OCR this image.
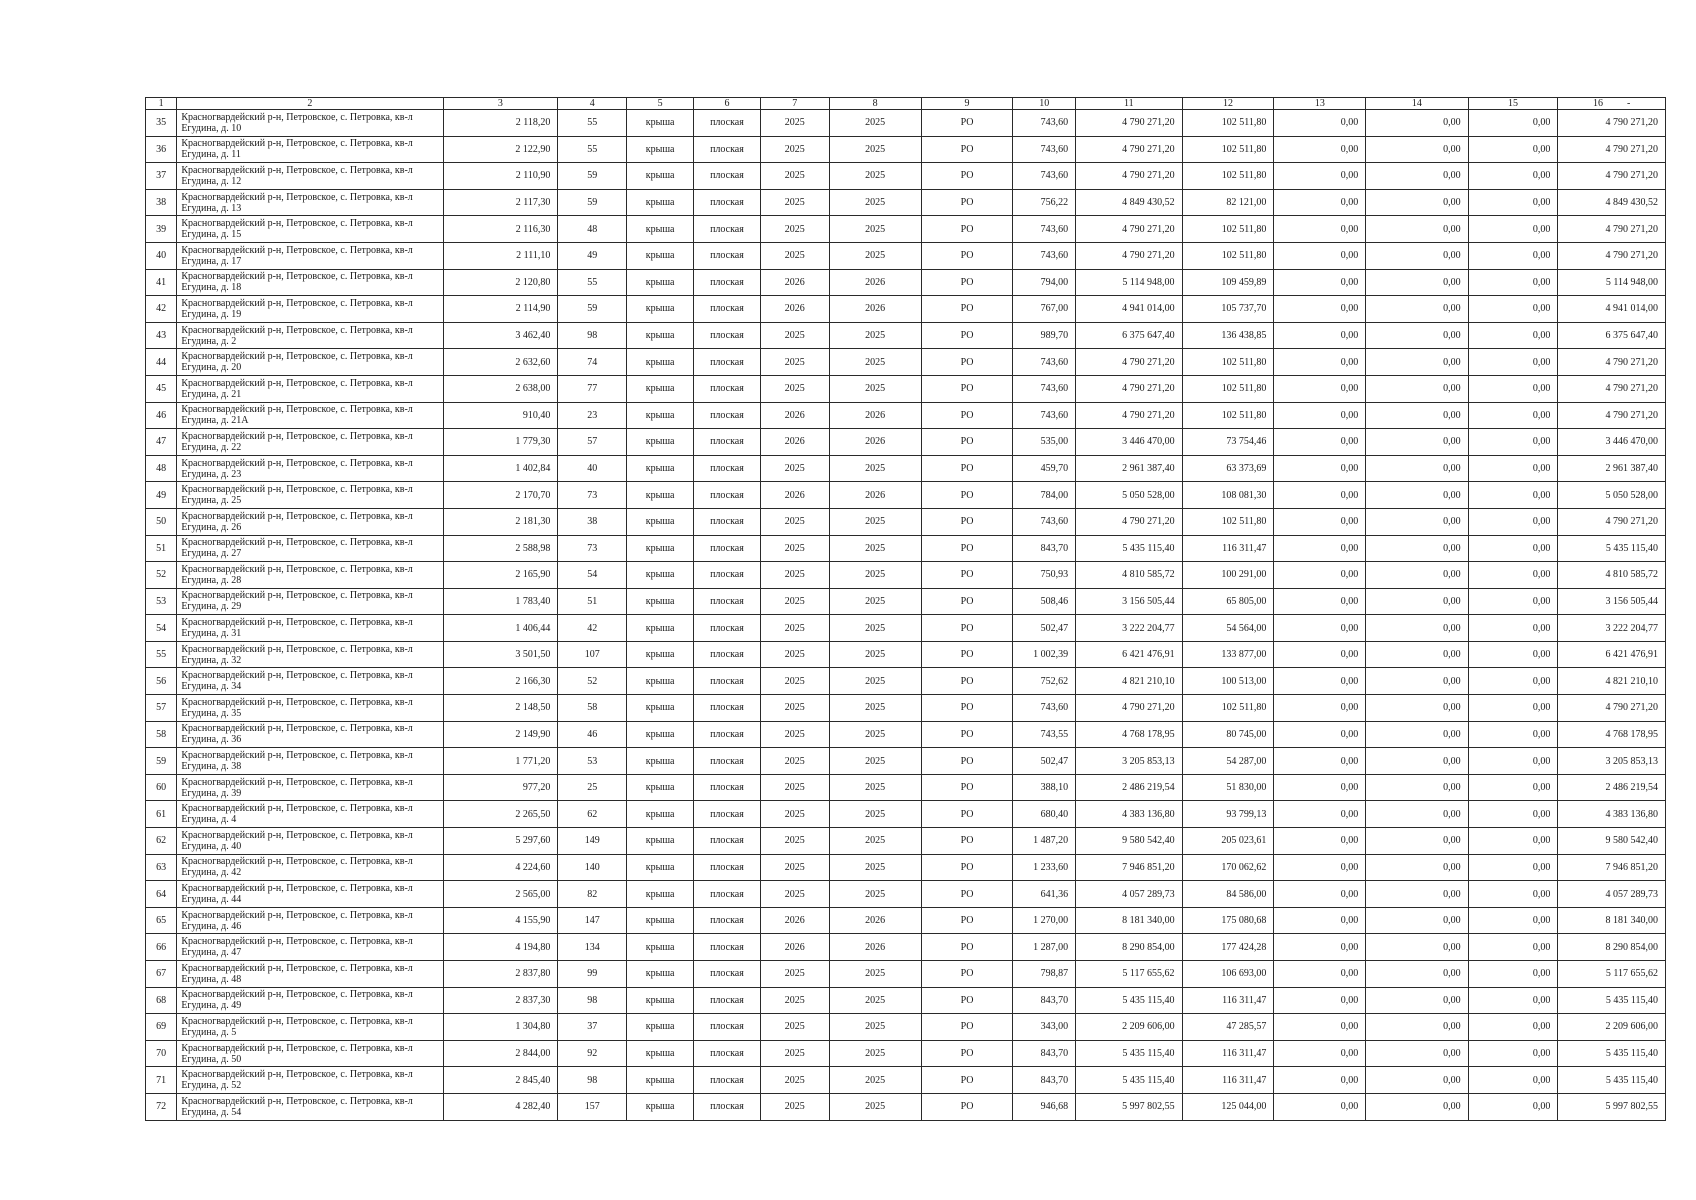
1	2	3	4	5	6	7	8	9	10	11	12	13	14	15	16 -
35	Красногвардейский р-н, Петровское, с. Петровка, кв-л Егудина, д. 10	2 118,20	55	крыша	плоская	2025	2025	РО	743,60	4 790 271,20	102 511,80	0,00	0,00	0,00	4 790 271,20
36	Красногвардейский р-н, Петровское, с. Петровка, кв-л Егудина, д. 11	2 122,90	55	крыша	плоская	2025	2025	РО	743,60	4 790 271,20	102 511,80	0,00	0,00	0,00	4 790 271,20
37	Красногвардейский р-н, Петровское, с. Петровка, кв-л Егудина, д. 12	2 110,90	59	крыша	плоская	2025	2025	РО	743,60	4 790 271,20	102 511,80	0,00	0,00	0,00	4 790 271,20
38	Красногвардейский р-н, Петровское, с. Петровка, кв-л Егудина, д. 13	2 117,30	59	крыша	плоская	2025	2025	РО	756,22	4 849 430,52	82 121,00	0,00	0,00	0,00	4 849 430,52
39	Красногвардейский р-н, Петровское, с. Петровка, кв-л Егудина, д. 15	2 116,30	48	крыша	плоская	2025	2025	РО	743,60	4 790 271,20	102 511,80	0,00	0,00	0,00	4 790 271,20
40	Красногвардейский р-н, Петровское, с. Петровка, кв-л Егудина, д. 17	2 111,10	49	крыша	плоская	2025	2025	РО	743,60	4 790 271,20	102 511,80	0,00	0,00	0,00	4 790 271,20
41	Красногвардейский р-н, Петровское, с. Петровка, кв-л Егудина, д. 18	2 120,80	55	крыша	плоская	2026	2026	РО	794,00	5 114 948,00	109 459,89	0,00	0,00	0,00	5 114 948,00
42	Красногвардейский р-н, Петровское, с. Петровка, кв-л Егудина, д. 19	2 114,90	59	крыша	плоская	2026	2026	РО	767,00	4 941 014,00	105 737,70	0,00	0,00	0,00	4 941 014,00
43	Красногвардейский р-н, Петровское, с. Петровка, кв-л Егудина, д. 2	3 462,40	98	крыша	плоская	2025	2025	РО	989,70	6 375 647,40	136 438,85	0,00	0,00	0,00	6 375 647,40
44	Красногвардейский р-н, Петровское, с. Петровка, кв-л Егудина, д. 20	2 632,60	74	крыша	плоская	2025	2025	РО	743,60	4 790 271,20	102 511,80	0,00	0,00	0,00	4 790 271,20
45	Красногвардейский р-н, Петровское, с. Петровка, кв-л Егудина, д. 21	2 638,00	77	крыша	плоская	2025	2025	РО	743,60	4 790 271,20	102 511,80	0,00	0,00	0,00	4 790 271,20
46	Красногвардейский р-н, Петровское, с. Петровка, кв-л Егудина, д. 21А	910,40	23	крыша	плоская	2026	2026	РО	743,60	4 790 271,20	102 511,80	0,00	0,00	0,00	4 790 271,20
47	Красногвардейский р-н, Петровское, с. Петровка, кв-л Егудина, д. 22	1 779,30	57	крыша	плоская	2026	2026	РО	535,00	3 446 470,00	73 754,46	0,00	0,00	0,00	3 446 470,00
48	Красногвардейский р-н, Петровское, с. Петровка, кв-л Егудина, д. 23	1 402,84	40	крыша	плоская	2025	2025	РО	459,70	2 961 387,40	63 373,69	0,00	0,00	0,00	2 961 387,40
49	Красногвардейский р-н, Петровское, с. Петровка, кв-л Егудина, д. 25	2 170,70	73	крыша	плоская	2026	2026	РО	784,00	5 050 528,00	108 081,30	0,00	0,00	0,00	5 050 528,00
50	Красногвардейский р-н, Петровское, с. Петровка, кв-л Егудина, д. 26	2 181,30	38	крыша	плоская	2025	2025	РО	743,60	4 790 271,20	102 511,80	0,00	0,00	0,00	4 790 271,20
51	Красногвардейский р-н, Петровское, с. Петровка, кв-л Егудина, д. 27	2 588,98	73	крыша	плоская	2025	2025	РО	843,70	5 435 115,40	116 311,47	0,00	0,00	0,00	5 435 115,40
52	Красногвардейский р-н, Петровское, с. Петровка, кв-л Егудина, д. 28	2 165,90	54	крыша	плоская	2025	2025	РО	750,93	4 810 585,72	100 291,00	0,00	0,00	0,00	4 810 585,72
53	Красногвардейский р-н, Петровское, с. Петровка, кв-л Егудина, д. 29	1 783,40	51	крыша	плоская	2025	2025	РО	508,46	3 156 505,44	65 805,00	0,00	0,00	0,00	3 156 505,44
54	Красногвардейский р-н, Петровское, с. Петровка, кв-л Егудина, д. 31	1 406,44	42	крыша	плоская	2025	2025	РО	502,47	3 222 204,77	54 564,00	0,00	0,00	0,00	3 222 204,77
55	Красногвардейский р-н, Петровское, с. Петровка, кв-л Егудина, д. 32	3 501,50	107	крыша	плоская	2025	2025	РО	1 002,39	6 421 476,91	133 877,00	0,00	0,00	0,00	6 421 476,91
56	Красногвардейский р-н, Петровское, с. Петровка, кв-л Егудина, д. 34	2 166,30	52	крыша	плоская	2025	2025	РО	752,62	4 821 210,10	100 513,00	0,00	0,00	0,00	4 821 210,10
57	Красногвардейский р-н, Петровское, с. Петровка, кв-л Егудина, д. 35	2 148,50	58	крыша	плоская	2025	2025	РО	743,60	4 790 271,20	102 511,80	0,00	0,00	0,00	4 790 271,20
58	Красногвардейский р-н, Петровское, с. Петровка, кв-л Егудина, д. 36	2 149,90	46	крыша	плоская	2025	2025	РО	743,55	4 768 178,95	80 745,00	0,00	0,00	0,00	4 768 178,95
59	Красногвардейский р-н, Петровское, с. Петровка, кв-л Егудина, д. 38	1 771,20	53	крыша	плоская	2025	2025	РО	502,47	3 205 853,13	54 287,00	0,00	0,00	0,00	3 205 853,13
60	Красногвардейский р-н, Петровское, с. Петровка, кв-л Егудина, д. 39	977,20	25	крыша	плоская	2025	2025	РО	388,10	2 486 219,54	51 830,00	0,00	0,00	0,00	2 486 219,54
61	Красногвардейский р-н, Петровское, с. Петровка, кв-л Егудина, д. 4	2 265,50	62	крыша	плоская	2025	2025	РО	680,40	4 383 136,80	93 799,13	0,00	0,00	0,00	4 383 136,80
62	Красногвардейский р-н, Петровское, с. Петровка, кв-л Егудина, д. 40	5 297,60	149	крыша	плоская	2025	2025	РО	1 487,20	9 580 542,40	205 023,61	0,00	0,00	0,00	9 580 542,40
63	Красногвардейский р-н, Петровское, с. Петровка, кв-л Егудина, д. 42	4 224,60	140	крыша	плоская	2025	2025	РО	1 233,60	7 946 851,20	170 062,62	0,00	0,00	0,00	7 946 851,20
64	Красногвардейский р-н, Петровское, с. Петровка, кв-л Егудина, д. 44	2 565,00	82	крыша	плоская	2025	2025	РО	641,36	4 057 289,73	84 586,00	0,00	0,00	0,00	4 057 289,73
65	Красногвардейский р-н, Петровское, с. Петровка, кв-л Егудина, д. 46	4 155,90	147	крыша	плоская	2026	2026	РО	1 270,00	8 181 340,00	175 080,68	0,00	0,00	0,00	8 181 340,00
66	Красногвардейский р-н, Петровское, с. Петровка, кв-л Егудина, д. 47	4 194,80	134	крыша	плоская	2026	2026	РО	1 287,00	8 290 854,00	177 424,28	0,00	0,00	0,00	8 290 854,00
67	Красногвардейский р-н, Петровское, с. Петровка, кв-л Егудина, д. 48	2 837,80	99	крыша	плоская	2025	2025	РО	798,87	5 117 655,62	106 693,00	0,00	0,00	0,00	5 117 655,62
68	Красногвардейский р-н, Петровское, с. Петровка, кв-л Егудина, д. 49	2 837,30	98	крыша	плоская	2025	2025	РО	843,70	5 435 115,40	116 311,47	0,00	0,00	0,00	5 435 115,40
69	Красногвардейский р-н, Петровское, с. Петровка, кв-л Егудина, д. 5	1 304,80	37	крыша	плоская	2025	2025	РО	343,00	2 209 606,00	47 285,57	0,00	0,00	0,00	2 209 606,00
70	Красногвардейский р-н, Петровское, с. Петровка, кв-л Егудина, д. 50	2 844,00	92	крыша	плоская	2025	2025	РО	843,70	5 435 115,40	116 311,47	0,00	0,00	0,00	5 435 115,40
71	Красногвардейский р-н, Петровское, с. Петровка, кв-л Егудина, д. 52	2 845,40	98	крыша	плоская	2025	2025	РО	843,70	5 435 115,40	116 311,47	0,00	0,00	0,00	5 435 115,40
72	Красногвардейский р-н, Петровское, с. Петровка, кв-л Егудина, д. 54	4 282,40	157	крыша	плоская	2025	2025	РО	946,68	5 997 802,55	125 044,00	0,00	0,00	0,00	5 997 802,55
